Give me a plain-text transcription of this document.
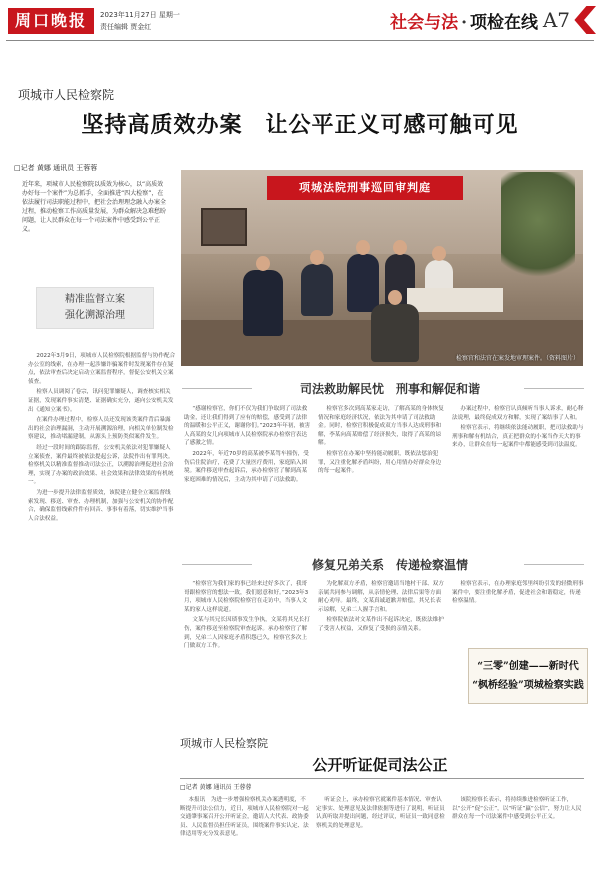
周口晚报	2023年11月27日 星期一
责任编辑 贾金红	社会与法 · 项检在线 A7
项城市人民检察院
坚持高质效办案　让公平正义可感可触可见
□记者 黄娜 通讯员 王蓉蓉
近年来，项城市人民检察院以质效为核心，以“高质效办好每一个案件”为总抓手，全面推进“四大检察”，在依法履行司法职能过程中，把社会治理理念融入办案全过程，推动检察工作高质量发展，为群众解决急难愁盼问题，让人民群众在每一个司法案件中感受到公平正义。
精准监督立案
强化溯源治理

2022年3月9日，项城市人民检察院根据监督与协作配合办公室的线索，在办理一起涉嫌诈骗案件时发现案件存在疑点，依法审查后决定启动立案监督程序，督促公安机关立案侦查。

检察人员调阅了卷宗，讯问犯罪嫌疑人，调查核实相关证据，发现案件事实清楚、证据确实充分，遂向公安机关发出《通知立案书》。

在案件办理过程中，检察人员还发现该类案件背后暴露出的社会治理漏洞，主动开展溯源治理，向相关单位制发检察建议，推动堵漏建制，从源头上预防类似案件发生。

经过一段时间的跟踪监督，公安机关依法对犯罪嫌疑人立案侦查，案件最终被依法提起公诉，法院作出有罪判决。检察机关以精准监督推动司法公正，以溯源治理促进社会治理，实现了办案的政治效果、社会效果和法律效果的有机统一。

为进一步提升法律监督质效，该院建立健全立案监督线索发现、移送、审查、办理机制，加强与公安机关的协作配合，确保监督线索件件有回音、事事有着落，切实维护当事人合法权益。

项城法院刑事巡回审判庭
检察官和法官在案发地审理案件。（资料图片）
司法救助解民忧　刑事和解促和谐

“感谢检察官，你们不仅为我们争取到了司法救助金，还让我们得到了应有的赔偿，感受到了法律的温暖和公平正义，谢谢你们。”2023年年初，被害人高某的女儿向项城市人民检察院承办检察官表达了感激之情。

2022年，年近70岁的高某被李某驾车撞伤，受伤后住院治疗，花费了大量医疗费用，家庭陷入困境。案件移送审查起诉后，承办检察官了解到高某家庭困难的情况后，主动为其申请了司法救助。

检察官多次到高某家走访，了解高某的身体恢复情况和家庭经济状况，依法为其申请了司法救助金。同时，检察官积极促成双方当事人达成刑事和解，李某向高某赔偿了经济损失，取得了高某的谅解。

检察官在办案中坚持能动履职，既依法惩治犯罪，又注重化解矛盾纠纷，用心用情办好群众身边的每一起案件。

办案过程中，检察官认真倾听当事人诉求，耐心释法说理，最终促成双方和解，实现了案结事了人和。

检察官表示，将继续依法能动履职，把司法救助与刑事和解有机结合，真正把群众的小案当作天大的事来办，让群众在每一起案件中都能感受到司法温度。

修复兄弟关系　传递检察温情

“检察官为我们家的事已经来过好多次了，我哥哥跟检察官的想法一致，我们愿意和好。”2023年3月，项城市人民检察院检察官在走访中，当事人文某的家人这样说道。

文某与其兄长因琐事发生争执，文某将其兄长打伤，案件移送至检察院审查起诉。承办检察官了解到，兄弟二人因家庭矛盾积怨已久，检察官多次上门做双方工作。

为化解双方矛盾，检察官邀请当地村干部、双方亲属共同参与调解，从亲情伦理、法律后果等方面耐心劝导。最终，文某真诚道歉并赔偿，其兄长表示谅解，兄弟二人握手言和。

检察院依法对文某作出不起诉决定，既依法维护了受害人权益，又修复了受损的亲情关系。

检察官表示，在办理家庭邻里纠纷引发的轻微刑事案件中，要注重化解矛盾，促进社会和谐稳定，传递检察温情。

“三零”创建——新时代
“枫桥经验”项城检察实践
项城市人民检察院
公开听证促司法公正
□记者 黄娜 通讯员 王蓉蓉

本报讯　为进一步增强检察机关办案透明度，不断提升司法公信力，近日，项城市人民检察院对一起交通肇事案召开公开听证会，邀请人大代表、政协委员、人民监督员担任听证员，围绕案件事实认定、法律适用等充分发表意见。

听证会上，承办检察官就案件基本情况、审查认定事实、处理意见及法律依据等进行了说明，听证员认真听取并提出问题，经过评议，听证员一致同意检察机关的处理意见。

该院检察长表示，将持续推进检察听证工作，以“公开”促“公正”，以“听证”赢“公信”，努力让人民群众在每一个司法案件中感受到公平正义。
